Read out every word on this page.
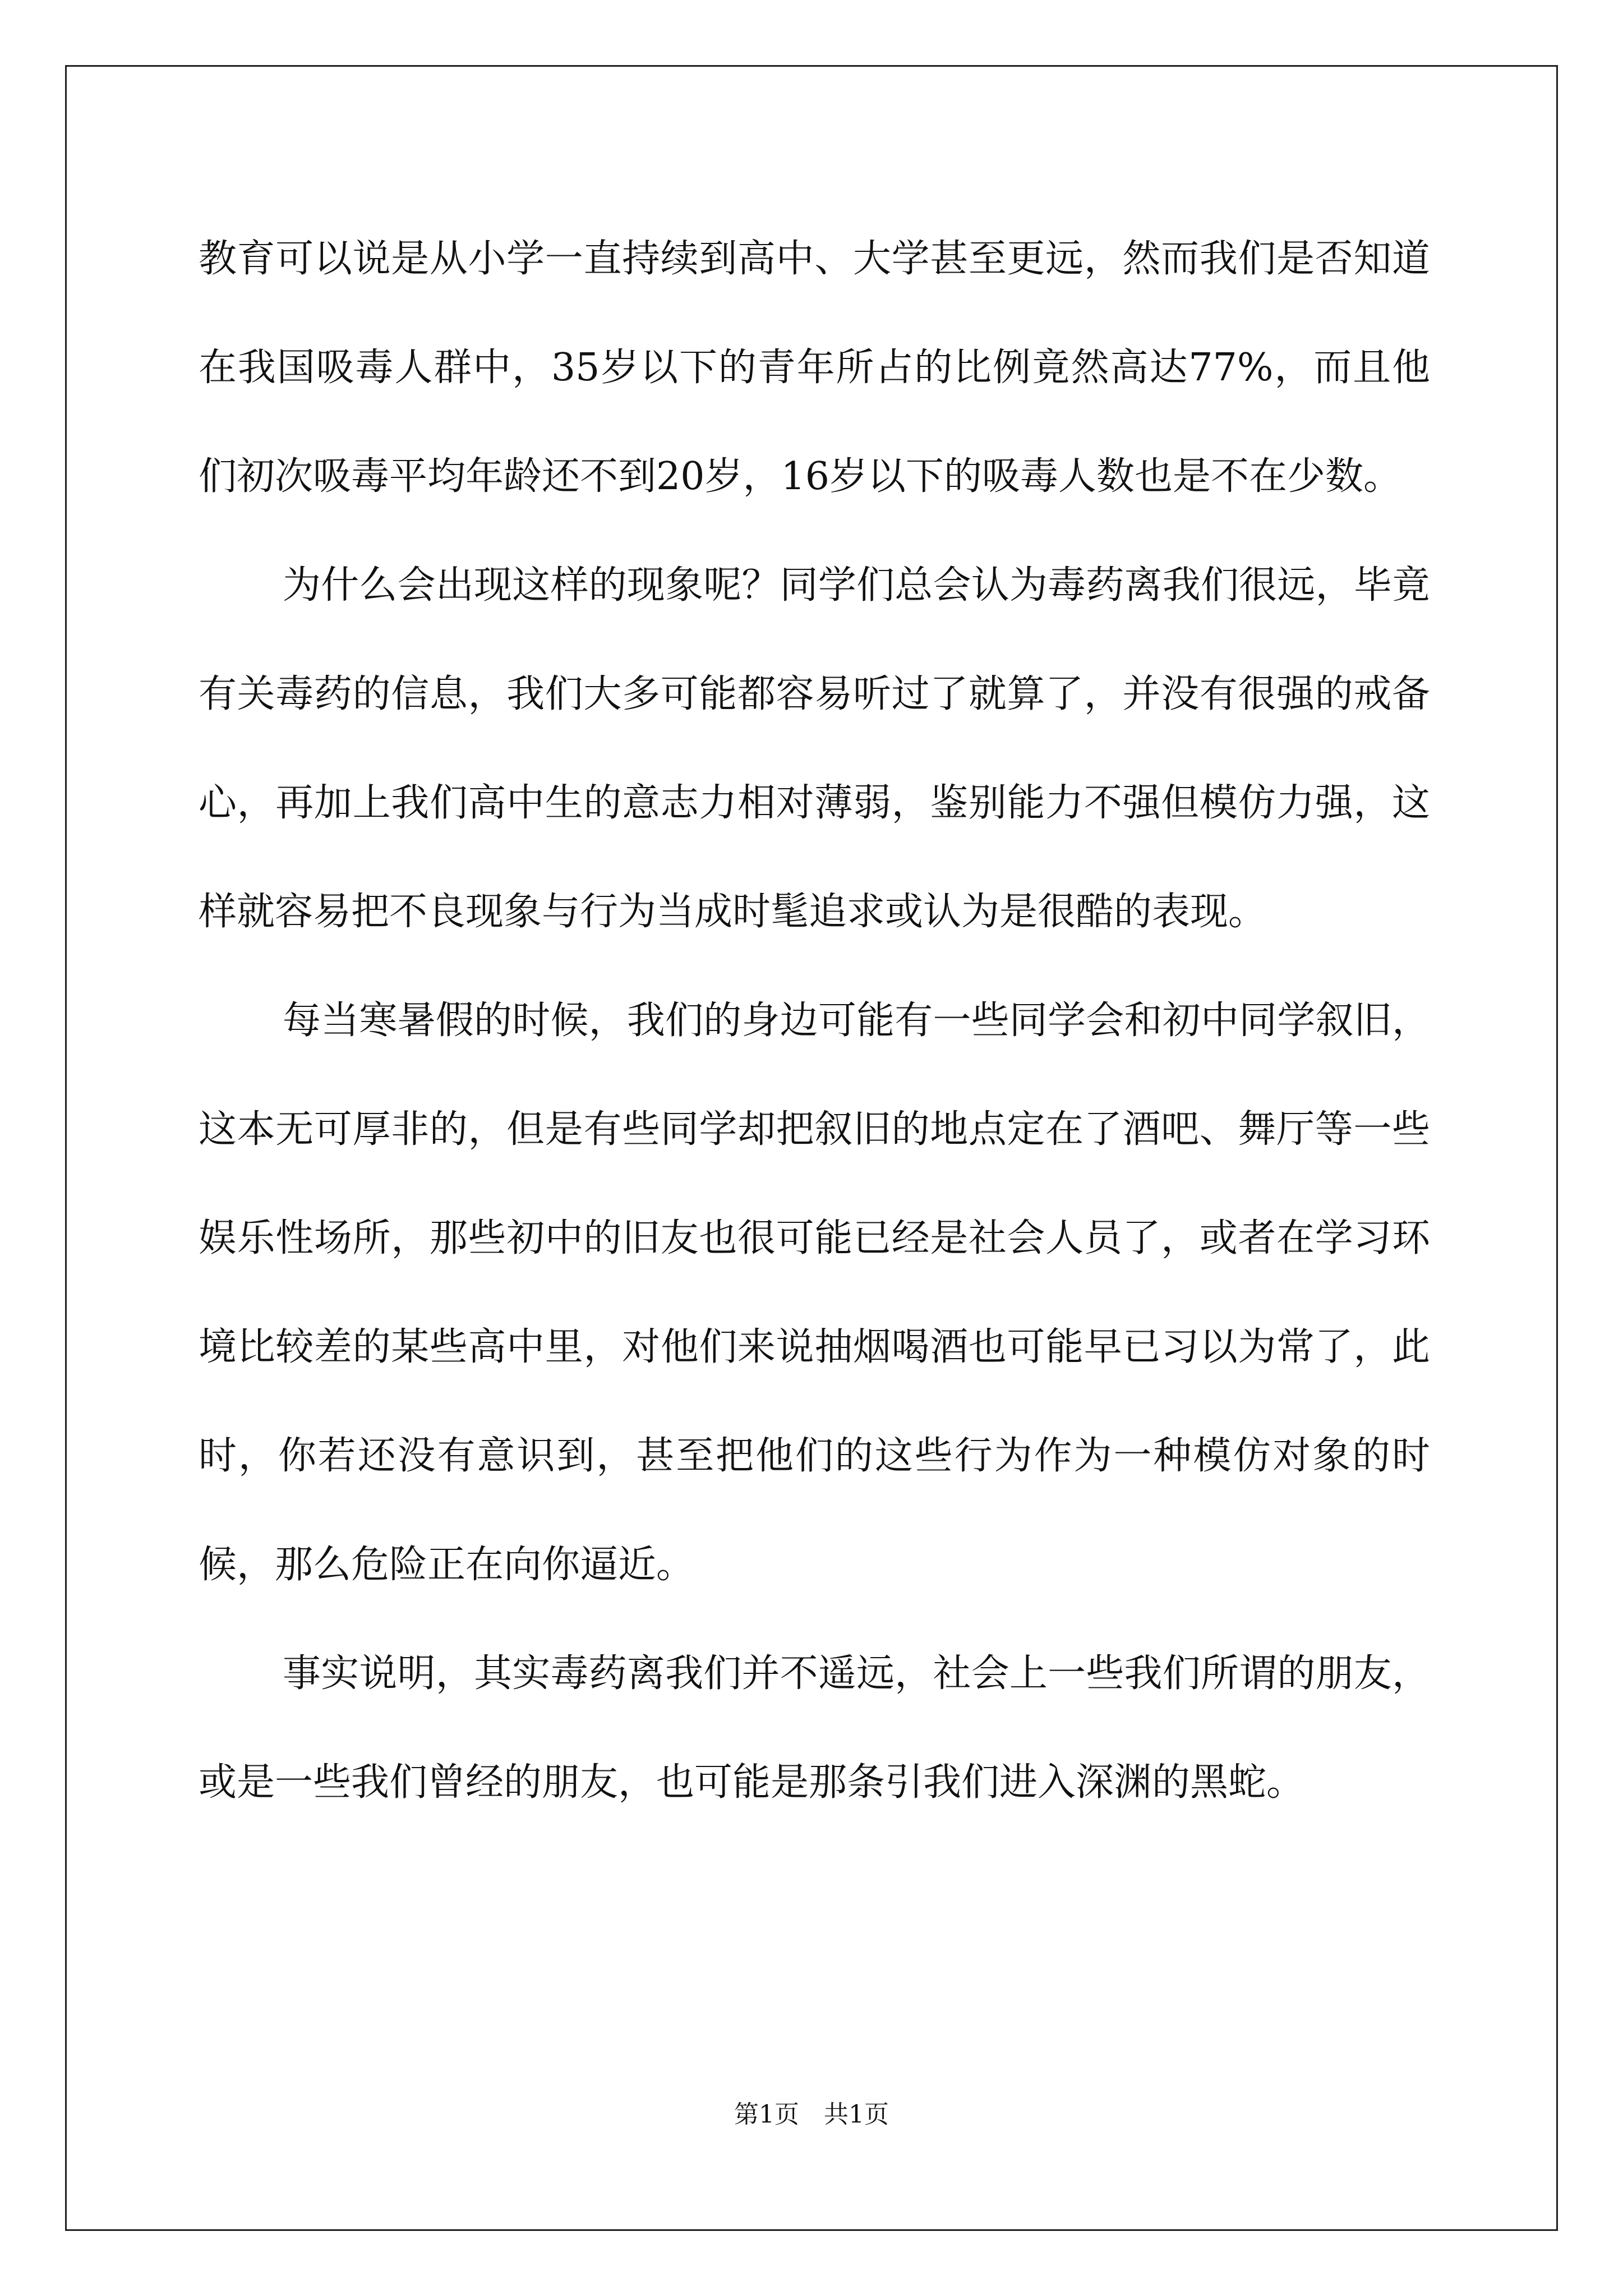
教育可以说是从小学一直持续到高中、大学甚至更远，然而我们是否知道在我国吸毒人群中，35岁以下的青年所占的比例竟然高达77%，而且他们初次吸毒平均年龄还不到20岁，16岁以下的吸毒人数也是不在少数。

为什么会出现这样的现象呢？同学们总会认为毒药离我们很远，毕竟有关毒药的信息，我们大多可能都容易听过了就算了，并没有很强的戒备心，再加上我们高中生的意志力相对薄弱，鉴别能力不强但模仿力强，这样就容易把不良现象与行为当成时髦追求或认为是很酷的表现。

每当寒暑假的时候，我们的身边可能有一些同学会和初中同学叙旧，这本无可厚非的，但是有些同学却把叙旧的地点定在了酒吧、舞厅等一些娱乐性场所，那些初中的旧友也很可能已经是社会人员了，或者在学习环境比较差的某些高中里，对他们来说抽烟喝酒也可能早已习以为常了，此时，你若还没有意识到，甚至把他们的这些行为作为一种模仿对象的时候，那么危险正在向你逼近。

事实说明，其实毒药离我们并不遥远，社会上一些我们所谓的朋友，或是一些我们曾经的朋友，也可能是那条引我们进入深渊的黑蛇。

第1页　共1页
